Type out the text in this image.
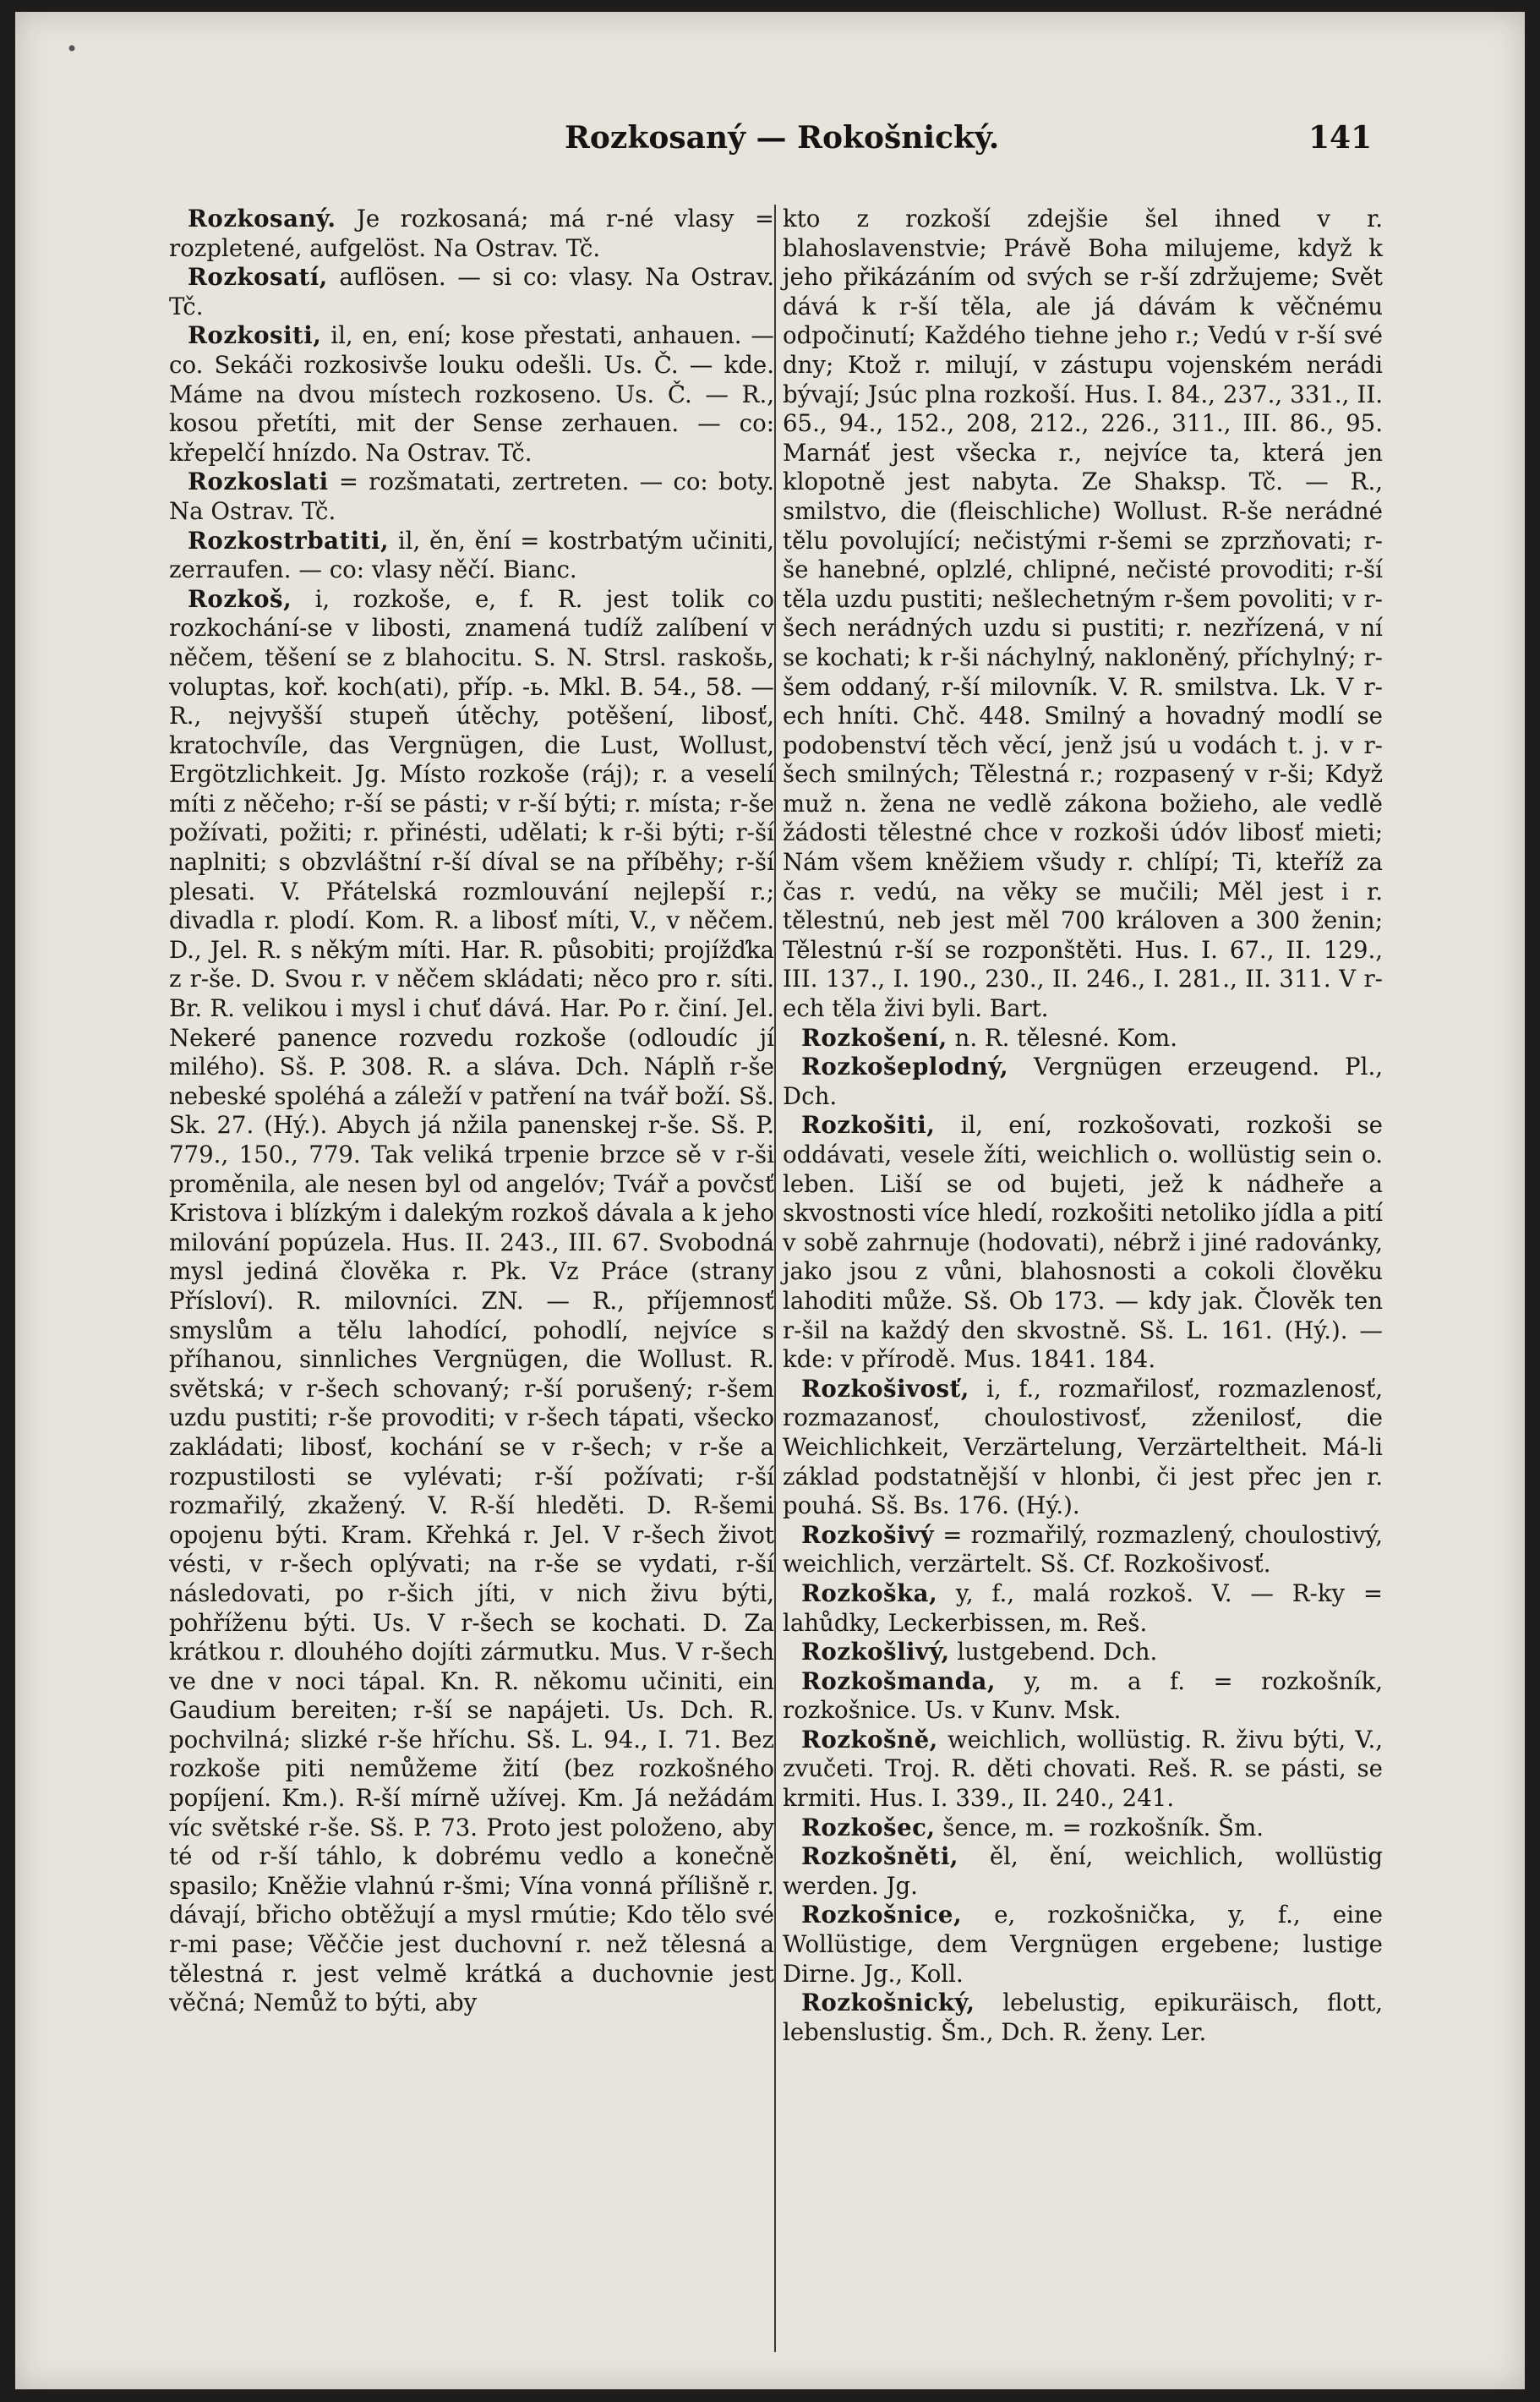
•
Rozkosaný — Rokošnický.	141

Rozkosaný. Je rozkosaná; má r-né vlasy = rozpletené, aufgelöst. Na Ostrav. Tč.

Rozkosatí, auflösen. — si co: vlasy. Na Ostrav. Tč.

Rozkositi, il, en, ení; kose přestati, anhauen. — co. Sekáči rozkosivše louku odešli. Us. Č. — kde. Máme na dvou místech rozkoseno. Us. Č. — R., kosou přetíti, mit der Sense zerhauen. — co: křepelčí hnízdo. Na Ostrav. Tč.

Rozkoslati = rozšmatati, zertreten. — co: boty. Na Ostrav. Tč.

Rozkostrbatiti, il, ěn, ění = kostrbatým učiniti, zerraufen. — co: vlasy něčí. Bianc.

Rozkoš, i, rozkoše, e, f. R. jest tolik co rozkochání-se v libosti, znamená tudíž zalíbení v něčem, těšení se z blahocitu. S. N. Strsl. raskošь, voluptas, koř. koch(ati), příp. -ь. Mkl. B. 54., 58. — R., nejvyšší stupeň útěchy, potěšení, libosť, kratochvíle, das Vergnügen, die Lust, Wollust, Ergötzlichkeit. Jg. Místo rozkoše (ráj); r. a veselí míti z něčeho; r-ší se pásti; v r-ší býti; r. místa; r-še požívati, požiti; r. přinésti, udělati; k r-ši býti; r-ší naplniti; s obzvláštní r-ší díval se na příběhy; r-ší plesati. V. Přátelská rozmlouvání nejlepší r.; divadla r. plodí. Kom. R. a libosť míti, V., v něčem. D., Jel. R. s někým míti. Har. R. působiti; projížďka z r-še. D. Svou r. v něčem skládati; něco pro r. síti. Br. R. velikou i mysl i chuť dává. Har. Po r. činí. Jel. Nekeré panence rozvedu rozkoše (odloudíc jí milého). Sš. P. 308. R. a sláva. Dch. Náplň r-še nebeské spoléhá a záleží v patření na tvář boží. Sš. Sk. 27. (Hý.). Abych já nžila panenskej r-še. Sš. P. 779., 150., 779. Tak veliká trpenie brzce sě v r-ši proměnila, ale nesen byl od angelóv; Tvář a povčsť Kristova i blízkým i dalekým rozkoš dávala a k jeho milování popúzela. Hus. II. 243., III. 67. Svobodná mysl jediná člověka r. Pk. Vz Práce (strany Přísloví). R. milovníci. ZN. — R., příjemnosť smyslům a tělu lahodící, pohodlí, nejvíce s příhanou, sinnliches Vergnügen, die Wollust. R. světská; v r-šech schovaný; r-ší porušený; r-šem uzdu pustiti; r-še provoditi; v r-šech tápati, všecko zakládati; libosť, kochání se v r-šech; v r-še a rozpustilosti se vylévati; r-ší požívati; r-ší rozmařilý, zkažený. V. R-ší hleděti. D. R-šemi opojenu býti. Kram. Křehká r. Jel. V r-šech život vésti, v r-šech oplývati; na r-še se vydati, r-ší následovati, po r-šich jíti, v nich živu býti, pohříženu býti. Us. V r-šech se kochati. D. Za krátkou r. dlouhého dojíti zármutku. Mus. V r-šech ve dne v noci tápal. Kn. R. někomu učiniti, ein Gaudium bereiten; r-ší se napájeti. Us. Dch. R. pochvilná; slizké r-še hříchu. Sš. L. 94., I. 71. Bez rozkoše piti nemůžeme žití (bez rozkošného popíjení. Km.). R-ší mírně užívej. Km. Já nežádám víc světské r-še. Sš. P. 73. Proto jest položeno, aby té od r-ší táhlo, k dobrému vedlo a konečně spasilo; Kněžie vlahnú r-šmi; Vína vonná přílišně r. dávají, břicho obtěžují a mysl rmútie; Kdo tělo své r-mi pase; Věččie jest duchovní r. než tělesná a tělestná r. jest velmě krátká a duchovnie jest věčná; Nemůž to býti, aby

kto z rozkoší zdejšie šel ihned v r. blahoslavenstvie; Právě Boha milujeme, když k jeho přikázáním od svých se r-ší zdržujeme; Svět dává k r-ší těla, ale já dávám k věčnému odpočinutí; Každého tiehne jeho r.; Vedú v r-ší své dny; Ktož r. milují, v zástupu vojenském nerádi bývají; Jsúc plna rozkoší. Hus. I. 84., 237., 331., II. 65., 94., 152., 208, 212., 226., 311., III. 86., 95. Marnáť jest všecka r., nejvíce ta, která jen klopotně jest nabyta. Ze Shaksp. Tč. — R., smilstvo, die (fleischliche) Wollust. R-še nerádné tělu povolující; nečistými r-šemi se zprzňovati; r-še hanebné, oplzlé, chlipné, nečisté provoditi; r-ší těla uzdu pustiti; nešlechetným r-šem povoliti; v r-šech nerádných uzdu si pustiti; r. nezřízená, v ní se kochati; k r-ši náchylný, nakloněný, příchylný; r-šem oddaný, r-ší milovník. V. R. smilstva. Lk. V r-ech hníti. Chč. 448. Smilný a hovadný modlí se podobenství těch věcí, jenž jsú u vodách t. j. v r-šech smilných; Tělestná r.; rozpasený v r-ši; Když muž n. žena ne vedlě zákona božieho, ale vedlě žádosti tělestné chce v rozkoši údóv libosť mieti; Nám všem kněžiem všudy r. chlípí; Ti, kteříž za čas r. vedú, na věky se mučili; Měl jest i r. tělestnú, neb jest měl 700 královen a 300 ženin; Tělestnú r-ší se rozponštěti. Hus. I. 67., II. 129., III. 137., I. 190., 230., II. 246., I. 281., II. 311. V r-ech těla živi byli. Bart.

Rozkošení, n. R. tělesné. Kom.

Rozkošeplodný, Vergnügen erzeugend. Pl., Dch.

Rozkošiti, il, ení, rozkošovati, rozkoši se oddávati, vesele žíti, weichlich o. wollüstig sein o. leben. Liší se od bujeti, jež k nádheře a skvostnosti více hledí, rozkošiti netoliko jídla a pití v sobě zahrnuje (hodovati), nébrž i jiné radovánky, jako jsou z vůni, blahosnosti a cokoli člověku lahoditi může. Sš. Ob 173. — kdy jak. Člověk ten r-šil na každý den skvostně. Sš. L. 161. (Hý.). — kde: v přírodě. Mus. 1841. 184.

Rozkošivosť, i, f., rozmařilosť, rozmazlenosť, rozmazanosť, choulostivosť, zženilosť, die Weichlichkeit, Verzärtelung, Verzärteltheit. Má-li základ podstatnější v hlonbi, či jest přec jen r. pouhá. Sš. Bs. 176. (Hý.).

Rozkošivý = rozmařilý, rozmazlený, choulostivý, weichlich, verzärtelt. Sš. Cf. Rozkošivosť.

Rozkoška, y, f., malá rozkoš. V. — R-ky = lahůdky, Leckerbissen, m. Reš.

Rozkošlivý, lustgebend. Dch.

Rozkošmanda, y, m. a f. = rozkošník, rozkošnice. Us. v Kunv. Msk.

Rozkošně, weichlich, wollüstig. R. živu býti, V., zvučeti. Troj. R. děti chovati. Reš. R. se pásti, se krmiti. Hus. I. 339., II. 240., 241.

Rozkošec, šence, m. = rozkošník. Šm.

Rozkošněti, ěl, ění, weichlich, wollüstig werden. Jg.

Rozkošnice, e, rozkošnička, y, f., eine Wollüstige, dem Vergnügen ergebene; lustige Dirne. Jg., Koll.

Rozkošnický, lebelustig, epikuräisch, flott, lebenslustig. Šm., Dch. R. ženy. Ler.
